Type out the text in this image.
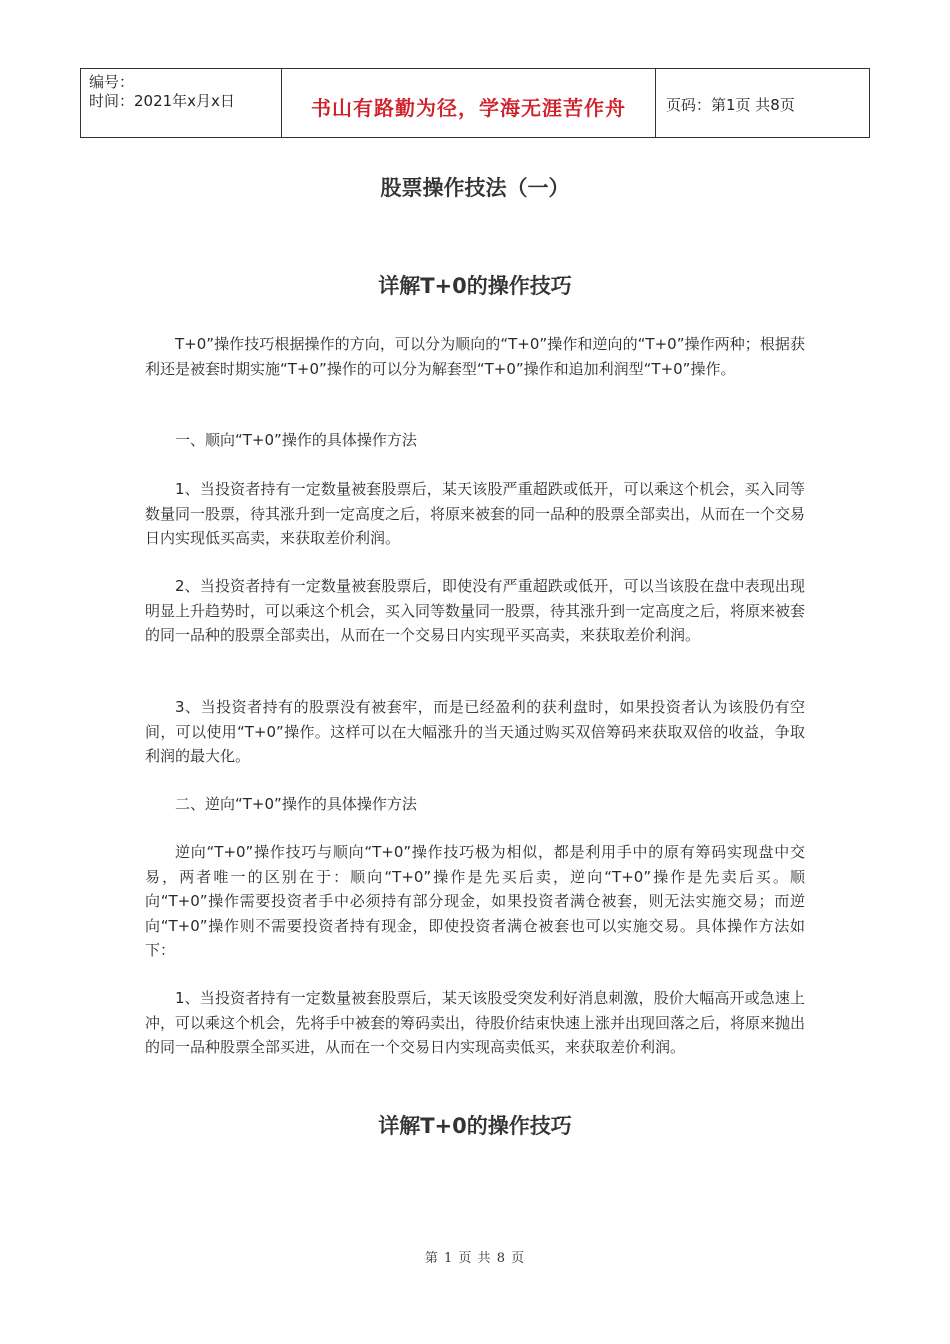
编号：
时间：2021年x月x日	书山有路勤为径，学海无涯苦作舟	页码：第1页 共8页
股票操作技法（一）
详解T+0的操作技巧

T+0”操作技巧根据操作的方向，可以分为顺向的“T+0”操作和逆向的“T+0”操作两种；根据获利还是被套时期实施“T+0”操作的可以分为解套型“T+0”操作和追加利润型“T+0”操作。

一、顺向“T+0”操作的具体操作方法

1、当投资者持有一定数量被套股票后，某天该股严重超跌或低开，可以乘这个机会，买入同等数量同一股票，待其涨升到一定高度之后，将原来被套的同一品种的股票全部卖出，从而在一个交易日内实现低买高卖，来获取差价利润。

2、当投资者持有一定数量被套股票后，即使没有严重超跌或低开，可以当该股在盘中表现出现明显上升趋势时，可以乘这个机会，买入同等数量同一股票，待其涨升到一定高度之后，将原来被套的同一品种的股票全部卖出，从而在一个交易日内实现平买高卖，来获取差价利润。

3、当投资者持有的股票没有被套牢，而是已经盈利的获利盘时，如果投资者认为该股仍有空间，可以使用“T+0”操作。这样可以在大幅涨升的当天通过购买双倍筹码来获取双倍的收益，争取利润的最大化。

二、逆向“T+0”操作的具体操作方法

逆向“T+0”操作技巧与顺向“T+0”操作技巧极为相似，都是利用手中的原有筹码实现盘中交易，两者唯一的区别在于：顺向“T+0”操作是先买后卖，逆向“T+0”操作是先卖后买。顺向“T+0”操作需要投资者手中必须持有部分现金，如果投资者满仓被套，则无法实施交易；而逆向“T+0”操作则不需要投资者持有现金，即使投资者满仓被套也可以实施交易。具体操作方法如下：

1、当投资者持有一定数量被套股票后，某天该股受突发利好消息刺激，股价大幅高开或急速上冲，可以乘这个机会，先将手中被套的筹码卖出，待股价结束快速上涨并出现回落之后，将原来抛出的同一品种股票全部买进，从而在一个交易日内实现高卖低买，来获取差价利润。

详解T+0的操作技巧
第 1 页 共 8 页
